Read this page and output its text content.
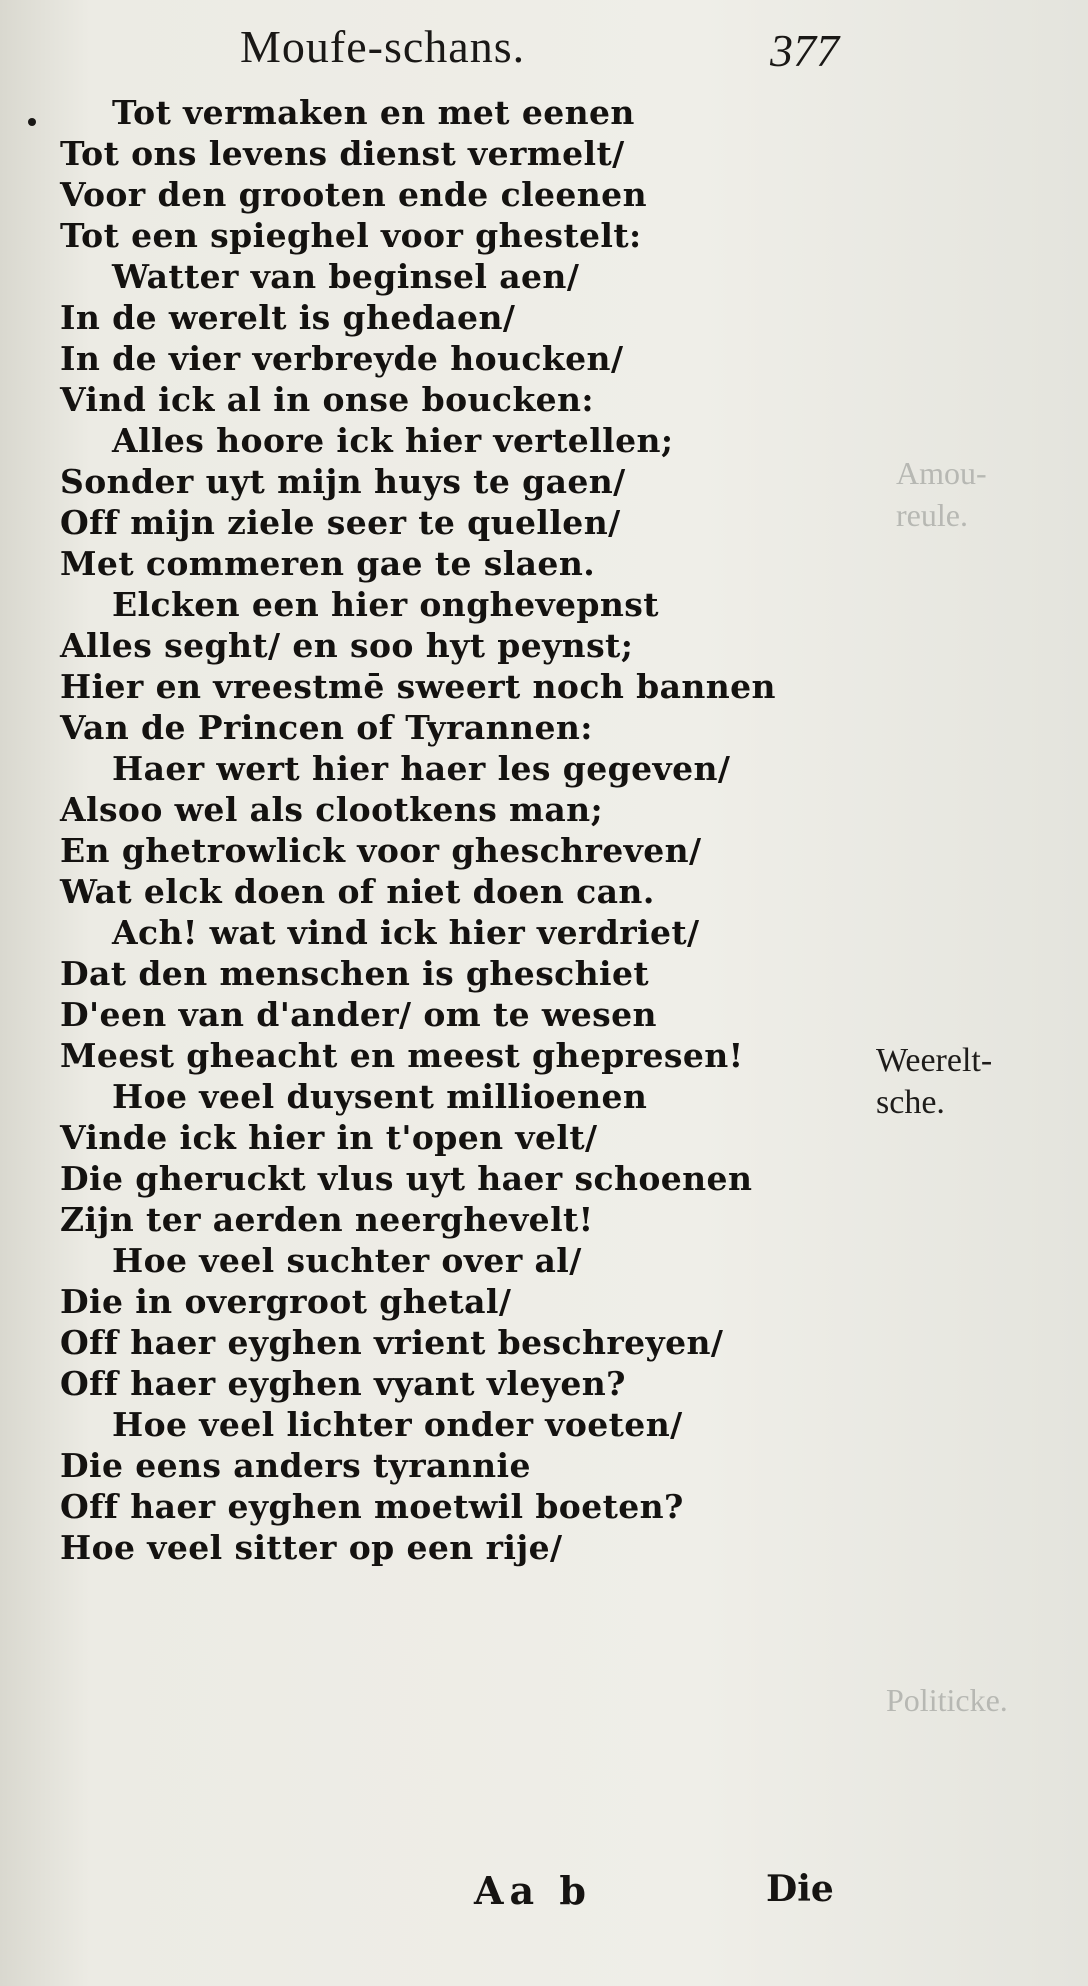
Moufe-schans.	377
Tot vermaken en met eenen
Tot ons levens dienst vermelt/
Voor den grooten ende cleenen
Tot een spieghel voor ghestelt:
Watter van beginsel aen/
In de werelt is ghedaen/
In de vier verbreyde houcken/
Vind ick al in onse boucken:
Alles hoore ick hier vertellen;
Sonder uyt mijn huys te gaen/
Off mijn ziele seer te quellen/
Met commeren gae te slaen.
Elcken een hier onghevepnst
Alles seght/ en soo hyt peynst;
Hier en vreestmē sweert noch bannen
Van de Princen of Tyrannen:
Haer wert hier haer les gegeven/
Alsoo wel als clootkens man;
En ghetrowlick voor gheschreven/
Wat elck doen of niet doen can.
Ach! wat vind ick hier verdriet/
Dat den menschen is gheschiet
D'een van d'ander/ om te wesen
Meest gheacht en meest ghepresen!
Hoe veel duysent millioenen
Vinde ick hier in t'open velt/
Die gheruckt vlus uyt haer schoenen
Zijn ter aerden neerghevelt!
Hoe veel suchter over al/
Die in overgroot ghetal/
Off haer eyghen vrient beschreyen/
Off haer eyghen vyant vleyen?
Hoe veel lichter onder voeten/
Die eens anders tyrannie
Off haer eyghen moetwil boeten?
Hoe veel sitter op een rije/
Weerelt-
sche.
Amou-
reule.
Politicke.
Aa b	Die
